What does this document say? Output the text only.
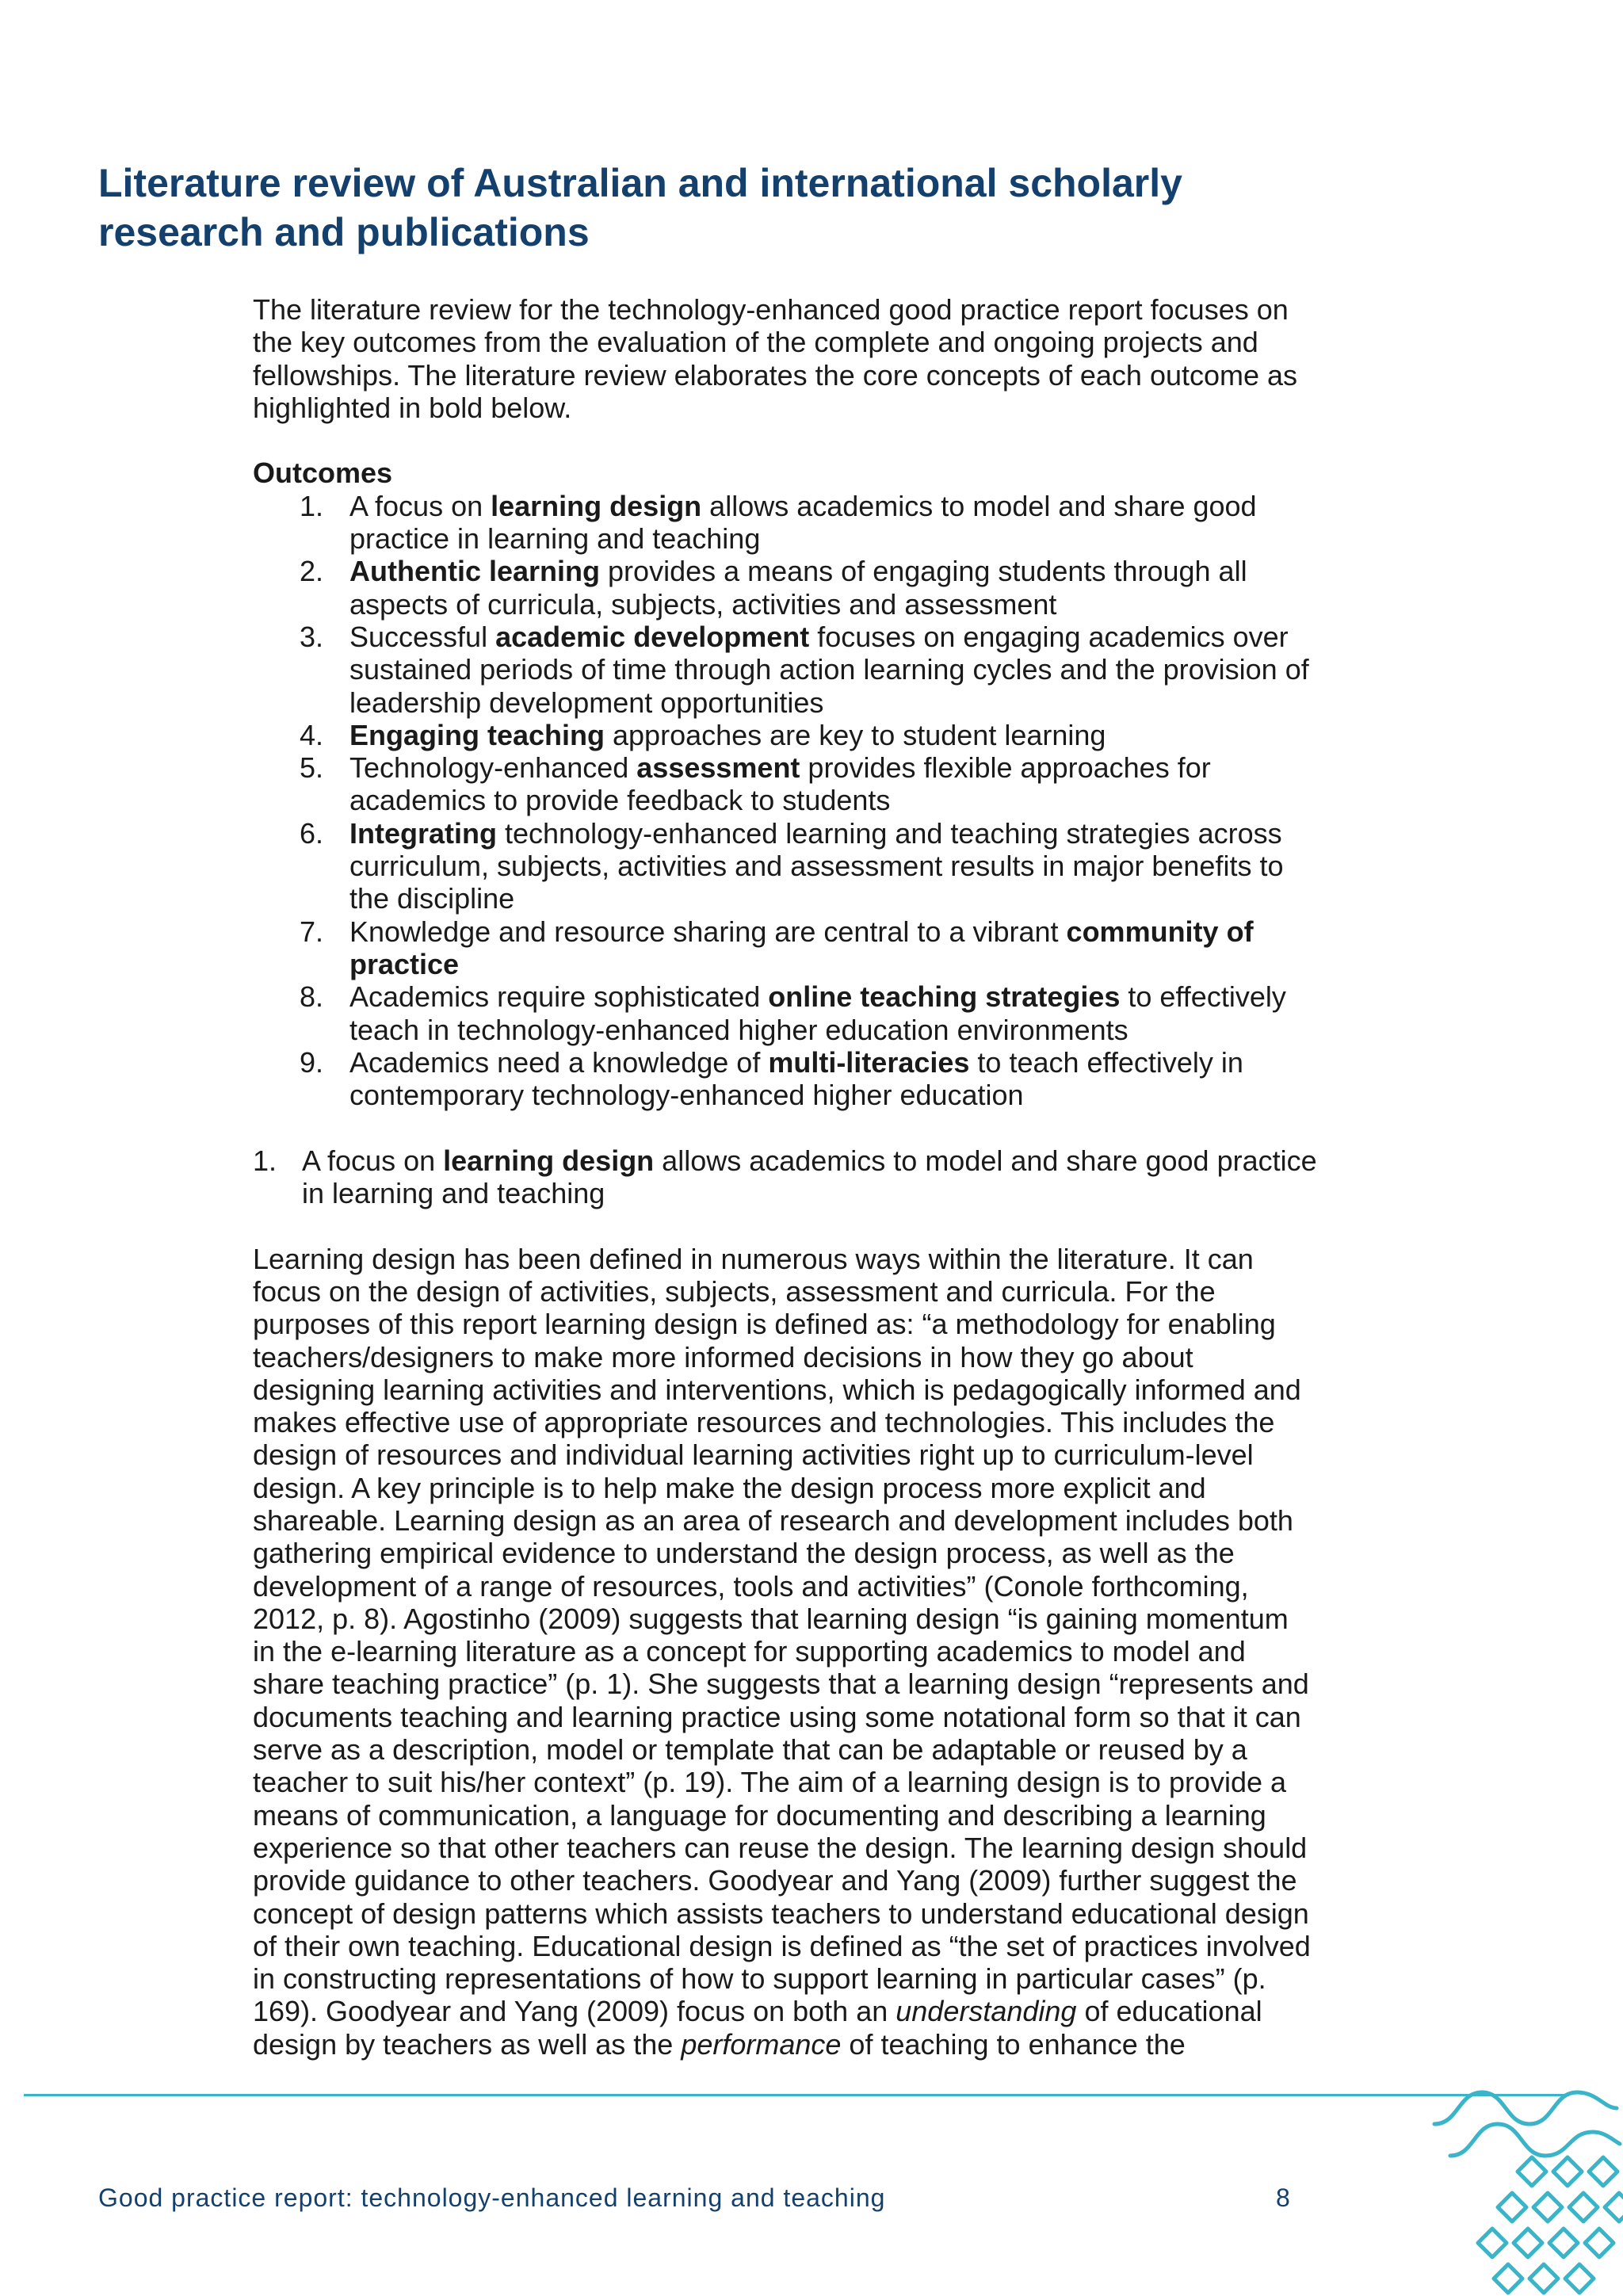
Literature review of Australian and international scholarly
research and publications
The literature review for the technology-enhanced good practice report focuses on
the key outcomes from the evaluation of the complete and ongoing projects and
fellowships. The literature review elaborates the core concepts of each outcome as
highlighted in bold below.

Outcomes

1. A focus on learning design allows academics to model and share good
practice in learning and teaching
2. Authentic learning provides a means of engaging students through all
aspects of curricula, subjects, activities and assessment
3. Successful academic development focuses on engaging academics over
sustained periods of time through action learning cycles and the provision of
leadership development opportunities
4. Engaging teaching approaches are key to student learning
5. Technology-enhanced assessment provides flexible approaches for
academics to provide feedback to students
6. Integrating technology-enhanced learning and teaching strategies across
curriculum, subjects, activities and assessment results in major benefits to
the discipline
7. Knowledge and resource sharing are central to a vibrant community of
practice
8. Academics require sophisticated online teaching strategies to effectively
teach in technology-enhanced higher education environments
9. Academics need a knowledge of multi-literacies to teach effectively in
contemporary technology-enhanced higher education
1. A focus on learning design allows academics to model and share good practice
in learning and teaching
Learning design has been defined in numerous ways within the literature. It can
focus on the design of activities, subjects, assessment and curricula. For the
purposes of this report learning design is defined as: “a methodology for enabling
teachers/designers to make more informed decisions in how they go about
designing learning activities and interventions, which is pedagogically informed and
makes effective use of appropriate resources and technologies. This includes the
design of resources and individual learning activities right up to curriculum-level
design. A key principle is to help make the design process more explicit and
shareable. Learning design as an area of research and development includes both
gathering empirical evidence to understand the design process, as well as the
development of a range of resources, tools and activities” (Conole forthcoming,
2012, p. 8). Agostinho (2009) suggests that learning design “is gaining momentum
in the e-learning literature as a concept for supporting academics to model and
share teaching practice” (p. 1). She suggests that a learning design “represents and
documents teaching and learning practice using some notational form so that it can
serve as a description, model or template that can be adaptable or reused by a
teacher to suit his/her context” (p. 19). The aim of a learning design is to provide a
means of communication, a language for documenting and describing a learning
experience so that other teachers can reuse the design. The learning design should
provide guidance to other teachers. Goodyear and Yang (2009) further suggest the
concept of design patterns which assists teachers to understand educational design
of their own teaching. Educational design is defined as “the set of practices involved
in constructing representations of how to support learning in particular cases” (p.
169). Goodyear and Yang (2009) focus on both an understanding of educational
design by teachers as well as the performance of teaching to enhance the
Good practice report: technology-enhanced learning and teaching	8
